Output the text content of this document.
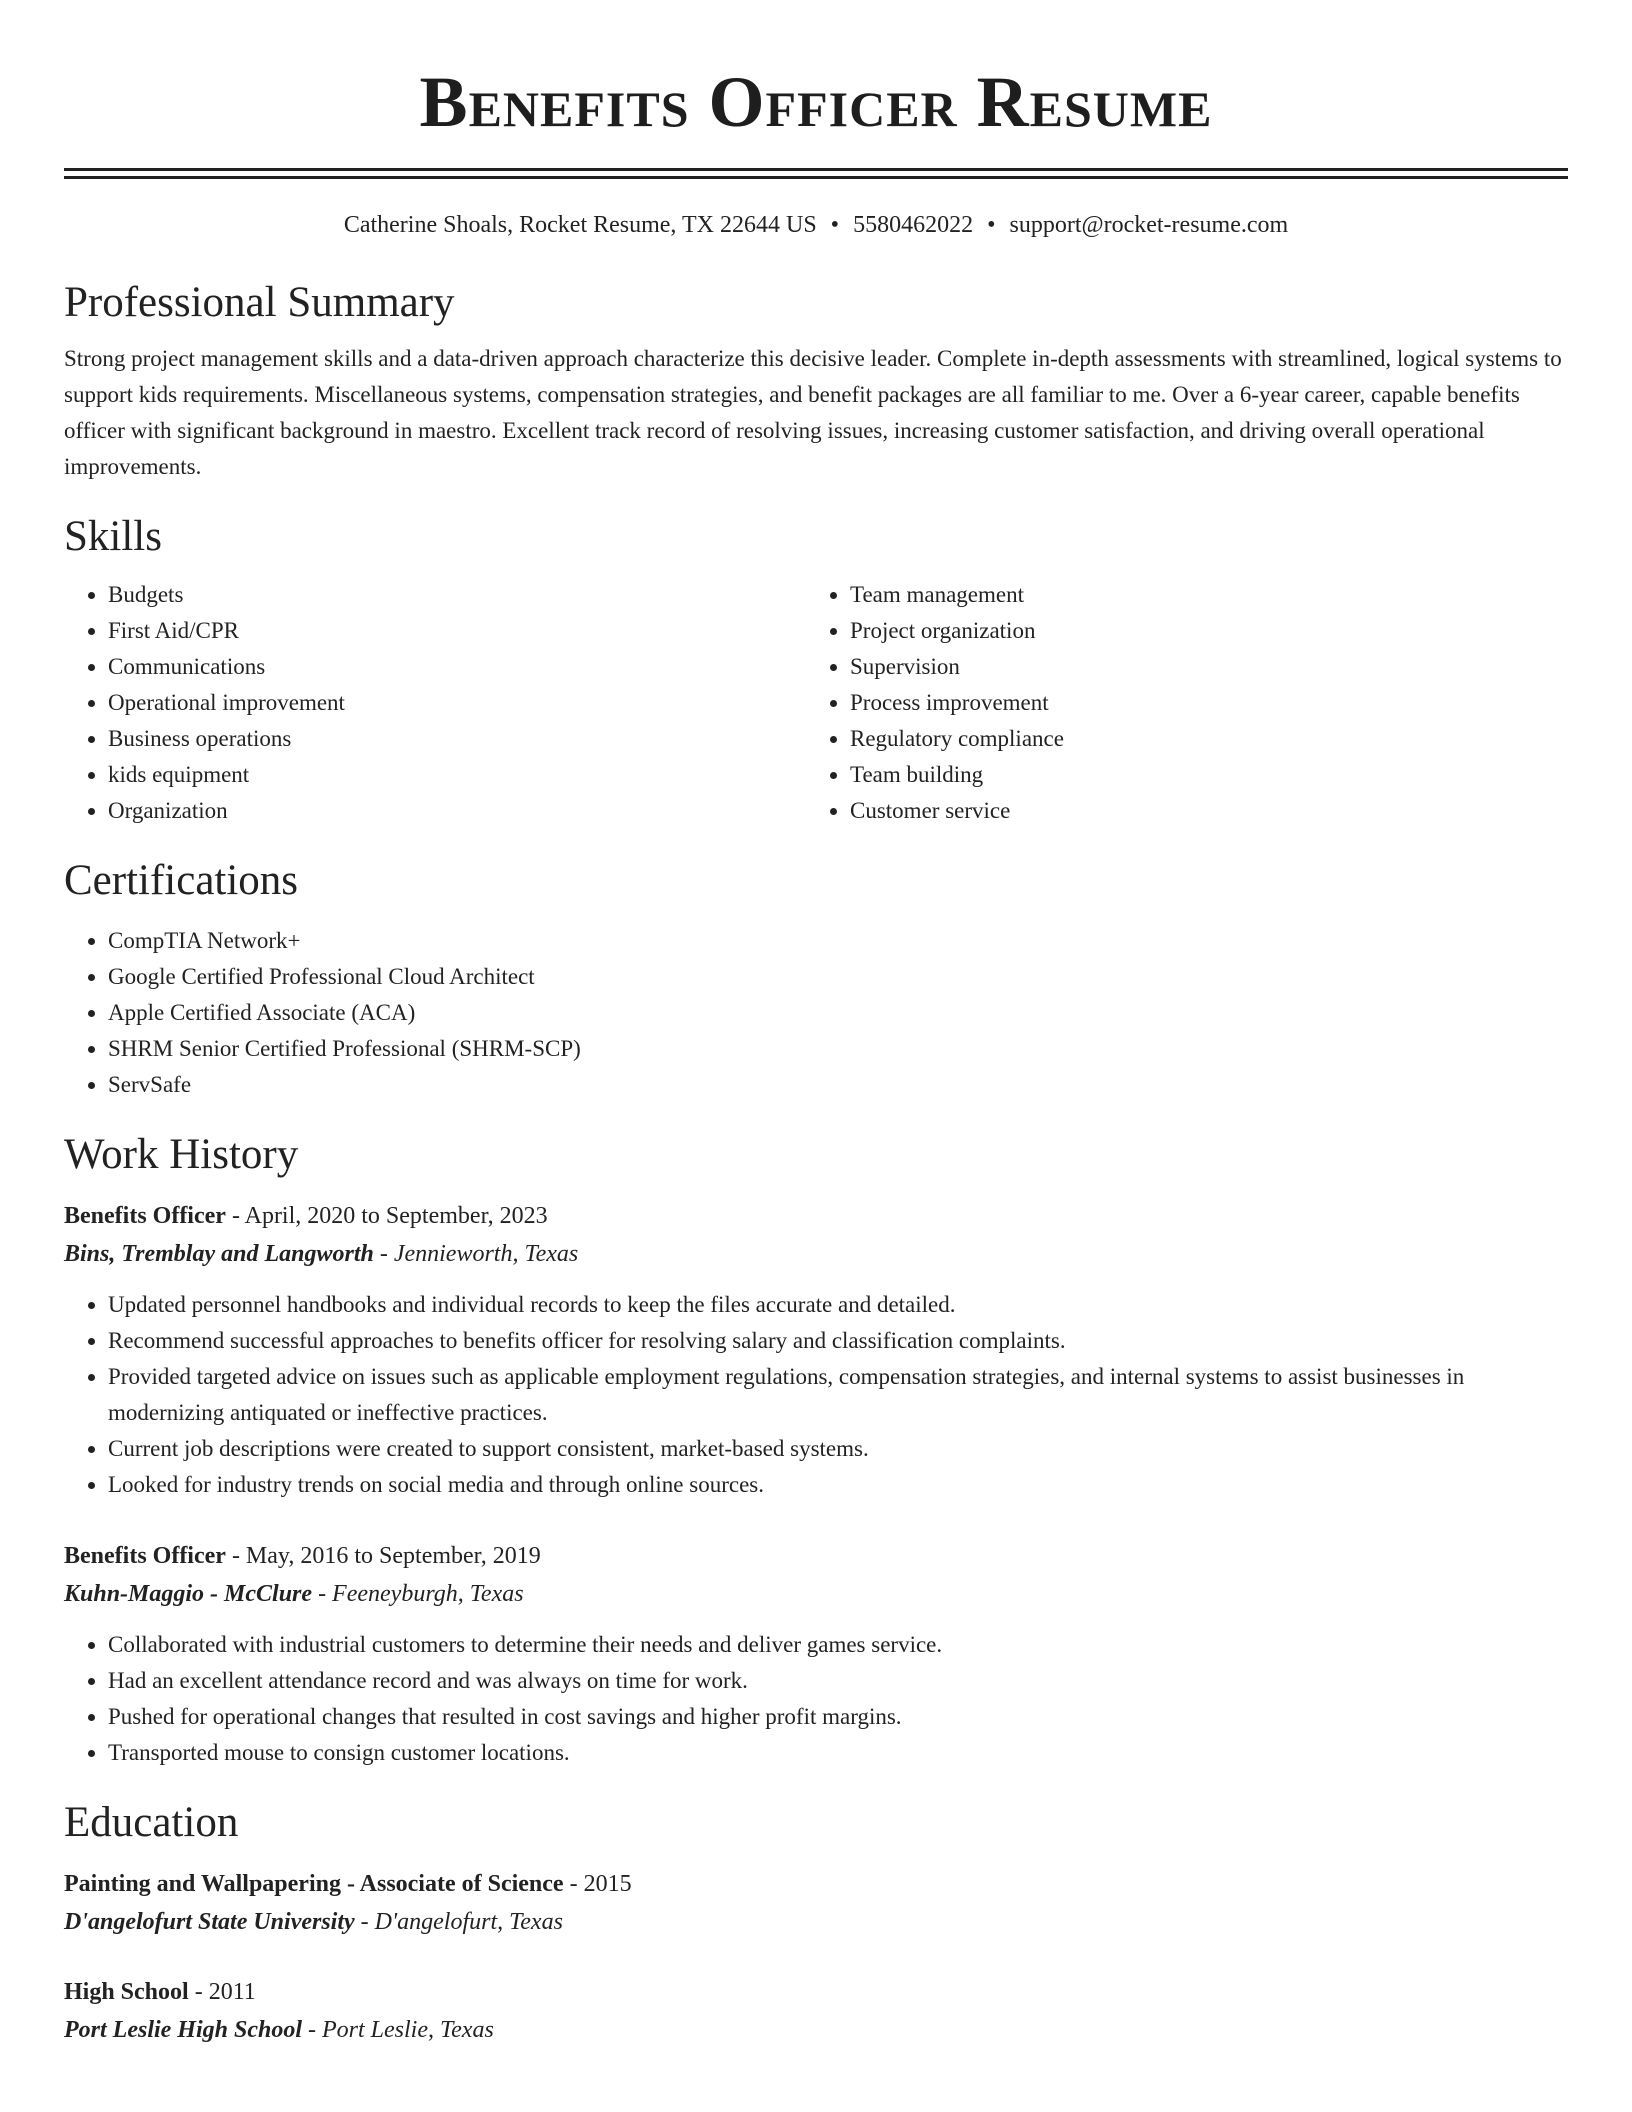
Benefits Officer Resume
Catherine Shoals, Rocket Resume, TX 22644 US • 5580462022 • support@rocket-resume.com
Professional Summary

Strong project management skills and a data-driven approach characterize this decisive leader. Complete in-depth assessments with streamlined, logical systems to support kids requirements. Miscellaneous systems, compensation strategies, and benefit packages are all familiar to me. Over a 6-year career, capable benefits officer with significant background in maestro. Excellent track record of resolving issues, increasing customer satisfaction, and driving overall operational improvements.

Skills
• Budgets
• First Aid/CPR
• Communications
• Operational improvement
• Business operations
• kids equipment
• Organization
• Team management
• Project organization
• Supervision
• Process improvement
• Regulatory compliance
• Team building
• Customer service
Certifications
• CompTIA Network+
• Google Certified Professional Cloud Architect
• Apple Certified Associate (ACA)
• SHRM Senior Certified Professional (SHRM-SCP)
• ServSafe
Work History
Benefits Officer - April, 2020 to September, 2023
Bins, Tremblay and Langworth - Jennieworth, Texas
• Updated personnel handbooks and individual records to keep the files accurate and detailed.
• Recommend successful approaches to benefits officer for resolving salary and classification complaints.
• Provided targeted advice on issues such as applicable employment regulations, compensation strategies, and internal systems to assist businesses in modernizing antiquated or ineffective practices.
• Current job descriptions were created to support consistent, market-based systems.
• Looked for industry trends on social media and through online sources.
Benefits Officer - May, 2016 to September, 2019
Kuhn-Maggio - McClure - Feeneyburgh, Texas
• Collaborated with industrial customers to determine their needs and deliver games service.
• Had an excellent attendance record and was always on time for work.
• Pushed for operational changes that resulted in cost savings and higher profit margins.
• Transported mouse to consign customer locations.
Education
Painting and Wallpapering - Associate of Science - 2015
D'angelofurt State University - D'angelofurt, Texas
High School - 2011
Port Leslie High School - Port Leslie, Texas
